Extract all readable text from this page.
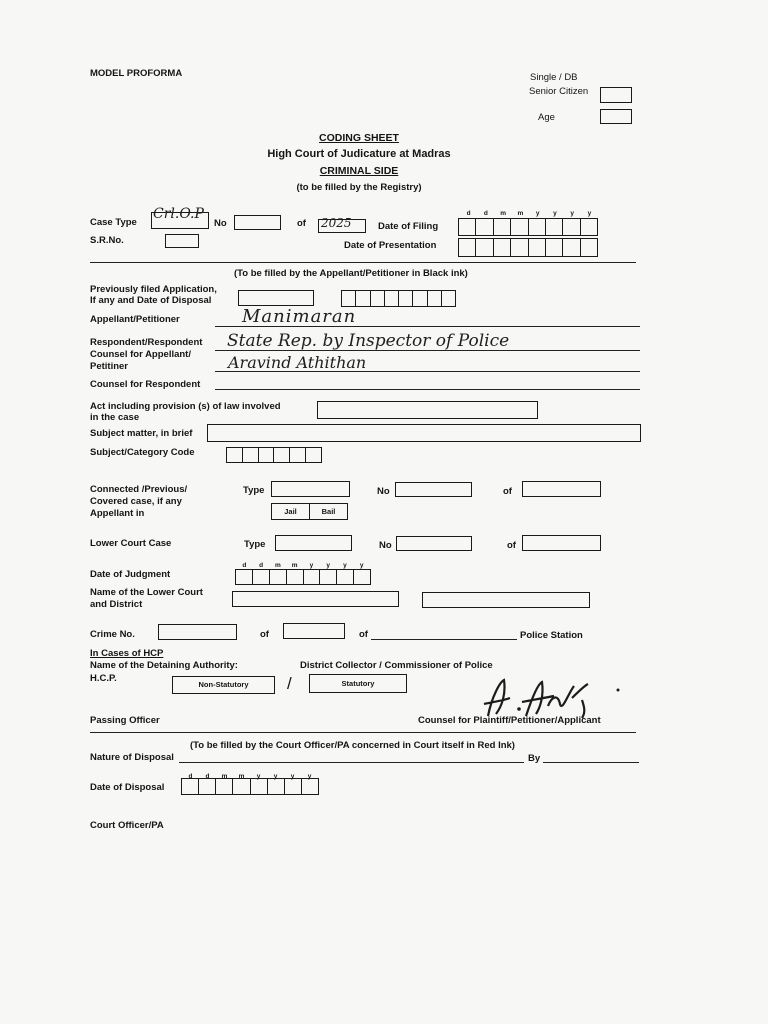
MODEL PROFORMA	Single / DB
Senior Citizen
Age
CODING SHEET
High Court of Judicature at Madras
CRIMINAL SIDE
(to be filled by the Registry)
Case Type
Crl.O.P
No	of 2025	Date of Filing
d	d	m	m	y	y	y	y
S.R.No.	Date of Presentation
(To be filled by the Appellant/Petitioner in Black ink)
Previously filed Application,
If any and Date of Disposal
Appellant/Petitioner	Manimaran
Respondent/Respondent State Rep. by Inspector of Police
Counsel for Appellant/
Petitiner	Aravind Athithan
Counsel for Respondent
Act including provision (s) of law involved
in the case
Subject matter, in brief
Subject/Category Code
Connected /Previous/
Covered case, if any
Appellant in
Type	No	of
Jail	Bail
Lower Court Case	Type	No	of
Date of Judgment
d	d	m	m	y	y	y	y
Name of the Lower Court
and District
Crime No.	of	of	Police Station
In Cases of HCP
Name of the Detaining Authority:	District Collector / Commissioner of Police
H.C.P.
Non-Statutory	/	Statutory
Passing Officer	Counsel for Plaintiff/Petitioner/Applicant
(To be filled by the Court Officer/PA concerned in Court itself in Red Ink)
Nature of Disposal	By
d	d	m	m	y	y	y	y
Date of Disposal
Court Officer/PA
